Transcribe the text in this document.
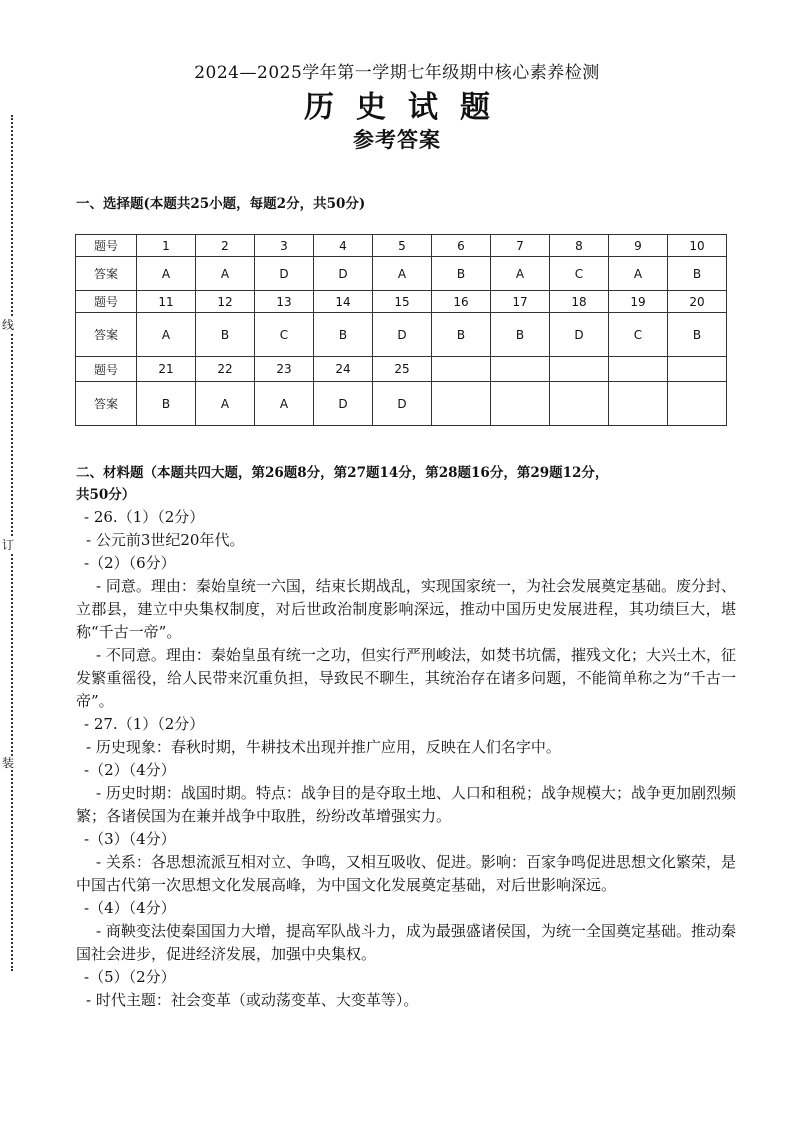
线
订
装
2024—2025学年第一学期七年级期中核心素养检测
历史试题
参考答案
一、选择题(本题共25小题，每题2分，共50分)
题号	1	2	3	4	5	6	7	8	9	10
答案	A	A	D	D	A	B	A	C	A	B
题号	11	12	13	14	15	16	17	18	19	20
答案	A	B	C	B	D	B	B	D	C	B
题号	21	22	23	24	25					
答案	B	A	A	D	D					
二、材料题（本题共四大题，第26题8分，第27题14分，第28题16分，第29题12分，
共50分）
- 26.（1）（2分）
- 公元前3世纪20年代。
-（2）（6分）
- 同意。理由：秦始皇统一六国，结束长期战乱，实现国家统一，为社会发展奠定基础。废分封、立郡县，建立中央集权制度，对后世政治制度影响深远，推动中国历史发展进程，其功绩巨大，堪称“千古一帝”。
- 不同意。理由：秦始皇虽有统一之功，但实行严刑峻法，如焚书坑儒，摧残文化；大兴土木，征发繁重徭役，给人民带来沉重负担，导致民不聊生，其统治存在诸多问题，不能简单称之为“千古一帝”。
- 27.（1）（2分）
- 历史现象：春秋时期，牛耕技术出现并推广应用，反映在人们名字中。
-（2）（4分）
- 历史时期：战国时期。特点：战争目的是夺取土地、人口和租税；战争规模大；战争更加剧烈频繁；各诸侯国为在兼并战争中取胜，纷纷改革增强实力。
-（3）（4分）
- 关系：各思想流派互相对立、争鸣，又相互吸收、促进。影响：百家争鸣促进思想文化繁荣，是中国古代第一次思想文化发展高峰，为中国文化发展奠定基础，对后世影响深远。
-（4）（4分）
- 商鞅变法使秦国国力大增，提高军队战斗力，成为最强盛诸侯国，为统一全国奠定基础。推动秦国社会进步，促进经济发展，加强中央集权。
-（5）（2分）
- 时代主题：社会变革（或动荡变革、大变革等）。
